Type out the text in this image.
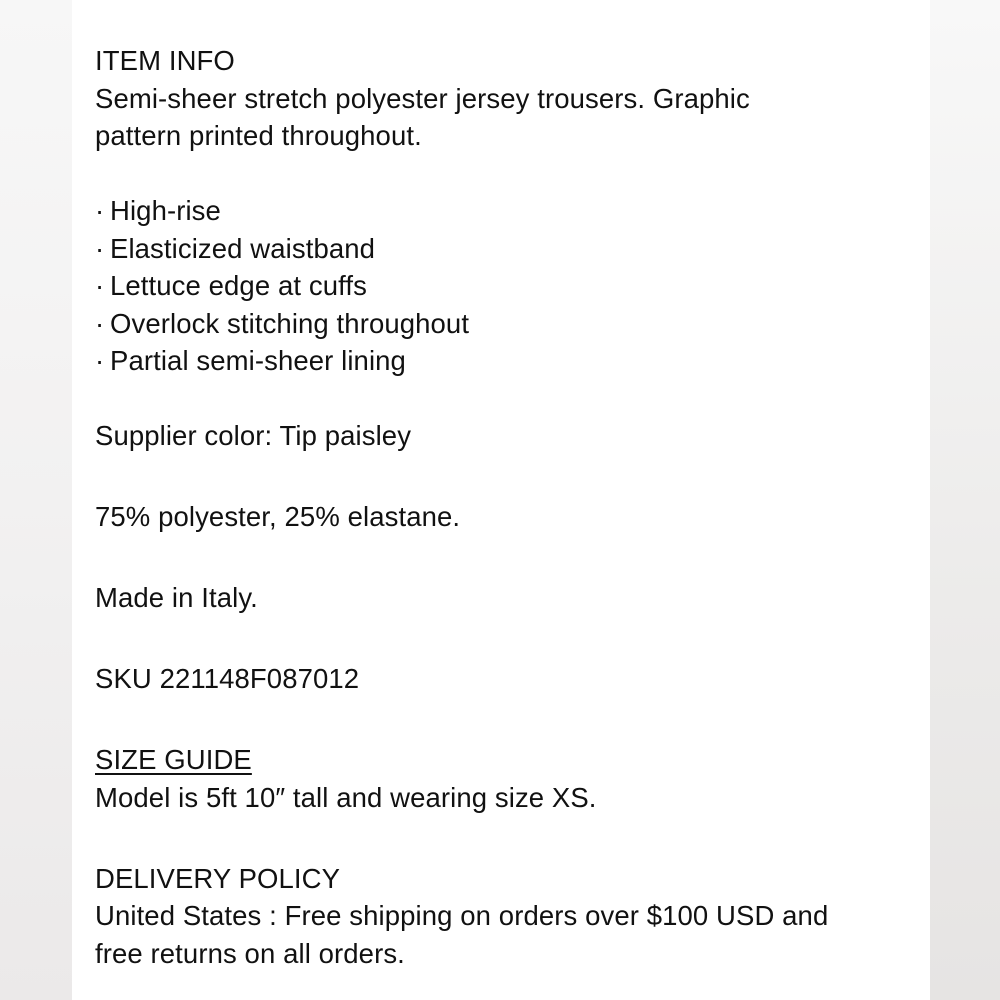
ITEM INFO
Semi-sheer stretch polyester jersey trousers. Graphic
pattern printed throughout.
· High-rise
· Elasticized waistband
· Lettuce edge at cuffs
· Overlock stitching throughout
· Partial semi-sheer lining
Supplier color: Tip paisley
75% polyester, 25% elastane.
Made in Italy.
SKU 221148F087012
SIZE GUIDE
Model is 5ft 10″ tall and wearing size XS.
DELIVERY POLICY
United States : Free shipping on orders over $100 USD and
free returns on all orders.
